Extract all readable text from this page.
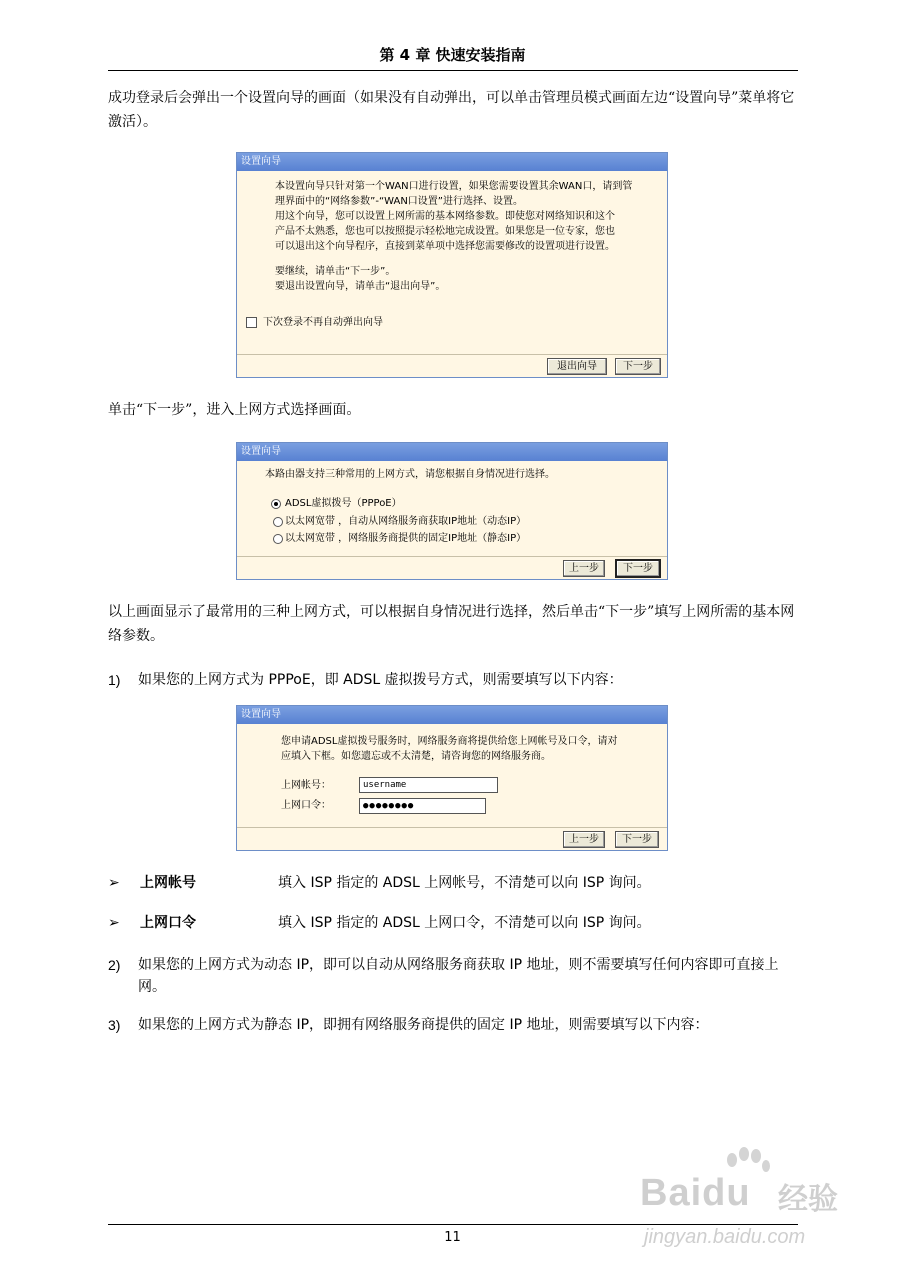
第 4 章 快速安装指南
成功登录后会弹出一个设置向导的画面（如果没有自动弹出，可以单击管理员模式画面左边“设置向导”菜单将它激活）。
设置向导
本设置向导只针对第一个WAN口进行设置，如果您需要设置其余WAN口，请到管
理界面中的“网络参数”-“WAN口设置”进行选择、设置。
用这个向导，您可以设置上网所需的基本网络参数。即使您对网络知识和这个
产品不太熟悉，您也可以按照提示轻松地完成设置。如果您是一位专家，您也
可以退出这个向导程序，直接到菜单项中选择您需要修改的设置项进行设置。
要继续，请单击“下一步”。
要退出设置向导，请单击“退出向导”。
下次登录不再自动弹出向导
退出向导	下一步
单击“下一步”，进入上网方式选择画面。
设置向导
本路由器支持三种常用的上网方式，请您根据自身情况进行选择。
ADSL虚拟拨号（PPPoE）
以太网宽带 ，自动从网络服务商获取IP地址（动态IP）
以太网宽带 ，网络服务商提供的固定IP地址（静态IP）
上一步	下一步
以上画面显示了最常用的三种上网方式，可以根据自身情况进行选择，然后单击“下一步”填写上网所需的基本网络参数。
1) 如果您的上网方式为 PPPoE，即 ADSL 虚拟拨号方式，则需要填写以下内容：
设置向导
您申请ADSL虚拟拨号服务时，网络服务商将提供给您上网帐号及口令，请对
应填入下框。如您遗忘或不太清楚，请咨询您的网络服务商。
上网帐号：	username
上网口令：	●●●●●●●●
上一步	下一步
➢ 上网帐号	填入 ISP 指定的 ADSL 上网帐号，不清楚可以向 ISP 询问。
➢ 上网口令	填入 ISP 指定的 ADSL 上网口令，不清楚可以向 ISP 询问。
2) 如果您的上网方式为动态 IP，即可以自动从网络服务商获取 IP 地址，则不需要填写任何内容即可直接上网。
3) 如果您的上网方式为静态 IP，即拥有网络服务商提供的固定 IP 地址，则需要填写以下内容：
Baidu 经验
jingyan.baidu.com
11
